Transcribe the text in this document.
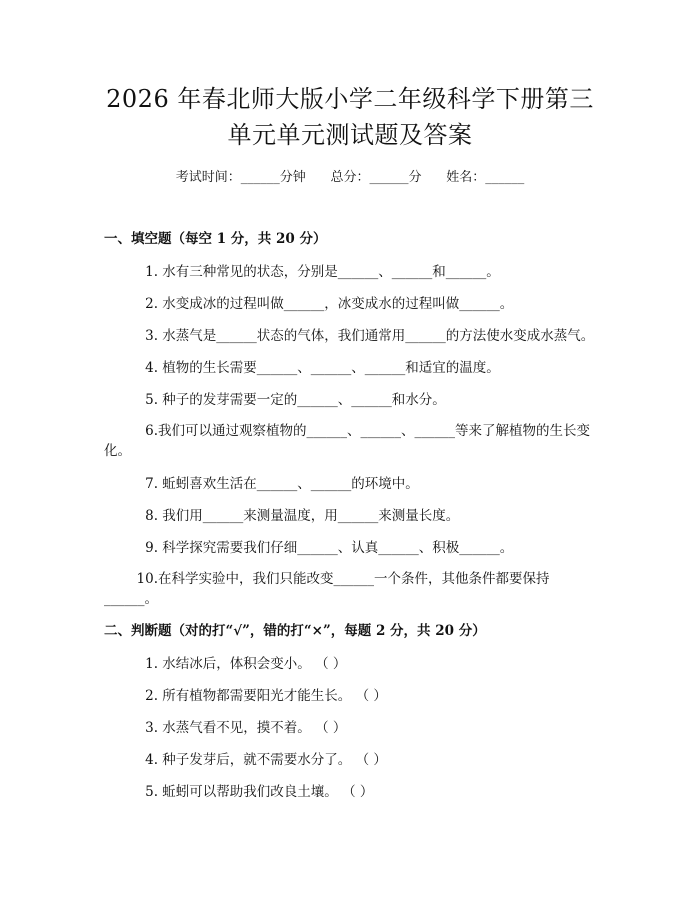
2026 年春北师大版小学二年级科学下册第三
单元单元测试题及答案
考试时间：______分钟      总分：______分      姓名：______
一、填空题（每空 1 分，共 20 分）
1. 水有三种常见的状态，分别是______、______和______。
2. 水变成冰的过程叫做______，冰变成水的过程叫做______。
3. 水蒸气是______状态的气体，我们通常用______的方法使水变成水蒸气。
4. 植物的生长需要______、______、______和适宜的温度。
5. 种子的发芽需要一定的______、______和水分。
6.我们可以通过观察植物的______、______、______等来了解植物的生长变化。
7. 蚯蚓喜欢生活在______、______的环境中。
8. 我们用______来测量温度，用______来测量长度。
9. 科学探究需要我们仔细______、认真______、积极______。
10.在科学实验中，我们只能改变______一个条件，其他条件都要保持______。
二、判断题（对的打“√”，错的打“×”，每题 2 分，共 20 分）
1. 水结冰后，体积会变小。 （ ）
2. 所有植物都需要阳光才能生长。 （ ）
3. 水蒸气看不见，摸不着。 （ ）
4. 种子发芽后，就不需要水分了。 （ ）
5. 蚯蚓可以帮助我们改良土壤。 （ ）
